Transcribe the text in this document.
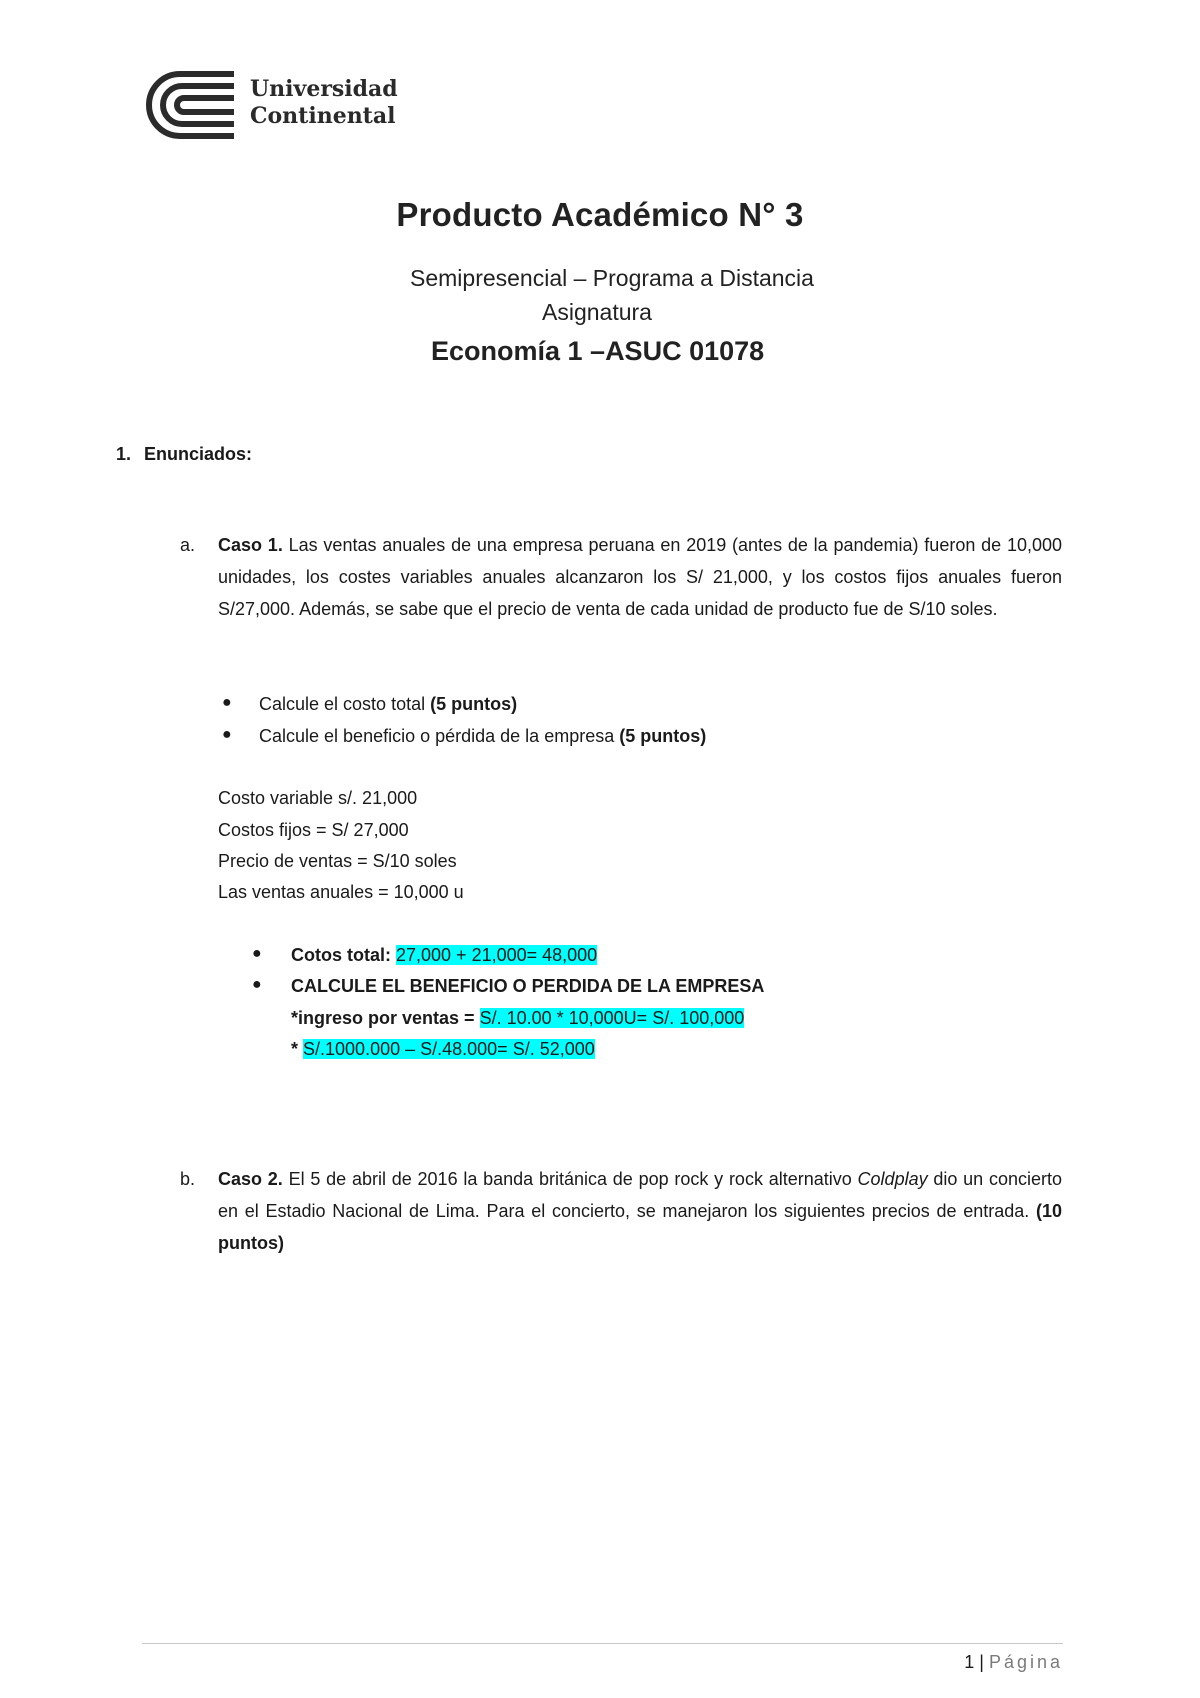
Universidad
Continental
Producto Académico N° 3
Semipresencial – Programa a Distancia
Asignatura
Economía 1 –ASUC 01078
1. Enunciados:
a. Caso 1. Las ventas anuales de una empresa peruana en 2019 (antes de la pandemia) fueron de 10,000 unidades, los costes variables anuales alcanzaron los S/ 21,000, y los costos fijos anuales fueron S/27,000. Además, se sabe que el precio de venta de cada unidad de producto fue de S/10 soles.
● Calcule el costo total (5 puntos)
● Calcule el beneficio o pérdida de la empresa (5 puntos)
Costo variable s/. 21,000
Costos fijos = S/ 27,000
Precio de ventas = S/10 soles
Las ventas anuales = 10,000 u
● Cotos total: 27,000 + 21,000= 48,000
● CALCULE EL BENEFICIO O PERDIDA DE LA EMPRESA
*ingreso por ventas = S/. 10.00 * 10,000U= S/. 100,000
* S/.1000.000 – S/.48.000= S/. 52,000
b. Caso 2. El 5 de abril de 2016 la banda británica de pop rock y rock alternativo Coldplay dio un concierto en el Estadio Nacional de Lima. Para el concierto, se manejaron los siguientes precios de entrada. (10 puntos)
1 | Página
